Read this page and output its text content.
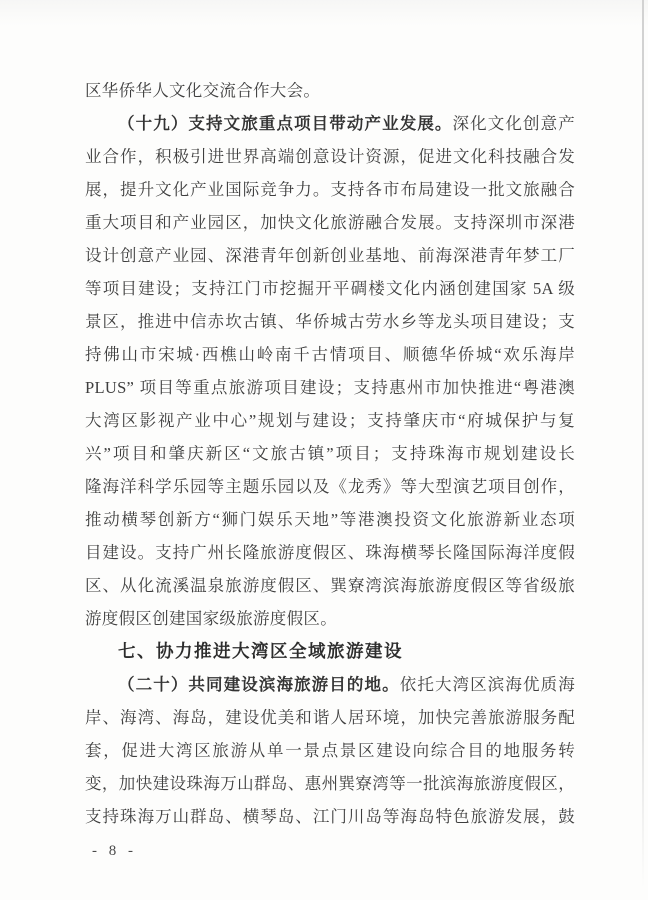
区华侨华人文化交流合作大会。
（十九）支持文旅重点项目带动产业发展。深化文化创意产
业合作，积极引进世界高端创意设计资源，促进文化科技融合发
展，提升文化产业国际竞争力。支持各市布局建设一批文旅融合
重大项目和产业园区，加快文化旅游融合发展。支持深圳市深港
设计创意产业园、深港青年创新创业基地、前海深港青年梦工厂
等项目建设；支持江门市挖掘开平碉楼文化内涵创建国家 5A 级
景区，推进中信赤坎古镇、华侨城古劳水乡等龙头项目建设；支
持佛山市宋城·西樵山岭南千古情项目、顺德华侨城“欢乐海岸
PLUS” 项目等重点旅游项目建设；支持惠州市加快推进“粤港澳
大湾区影视产业中心”规划与建设；支持肇庆市“府城保护与复
兴”项目和肇庆新区“文旅古镇”项目；支持珠海市规划建设长
隆海洋科学乐园等主题乐园以及《龙秀》等大型演艺项目创作，
推动横琴创新方“狮门娱乐天地”等港澳投资文化旅游新业态项
目建设。支持广州长隆旅游度假区、珠海横琴长隆国际海洋度假
区、从化流溪温泉旅游度假区、巽寮湾滨海旅游度假区等省级旅
游度假区创建国家级旅游度假区。
七、协力推进大湾区全域旅游建设
（二十）共同建设滨海旅游目的地。依托大湾区滨海优质海
岸、海湾、海岛，建设优美和谐人居环境，加快完善旅游服务配
套，促进大湾区旅游从单一景点景区建设向综合目的地服务转
变，加快建设珠海万山群岛、惠州巽寮湾等一批滨海旅游度假区，
支持珠海万山群岛、横琴岛、江门川岛等海岛特色旅游发展，鼓
- 8 -
